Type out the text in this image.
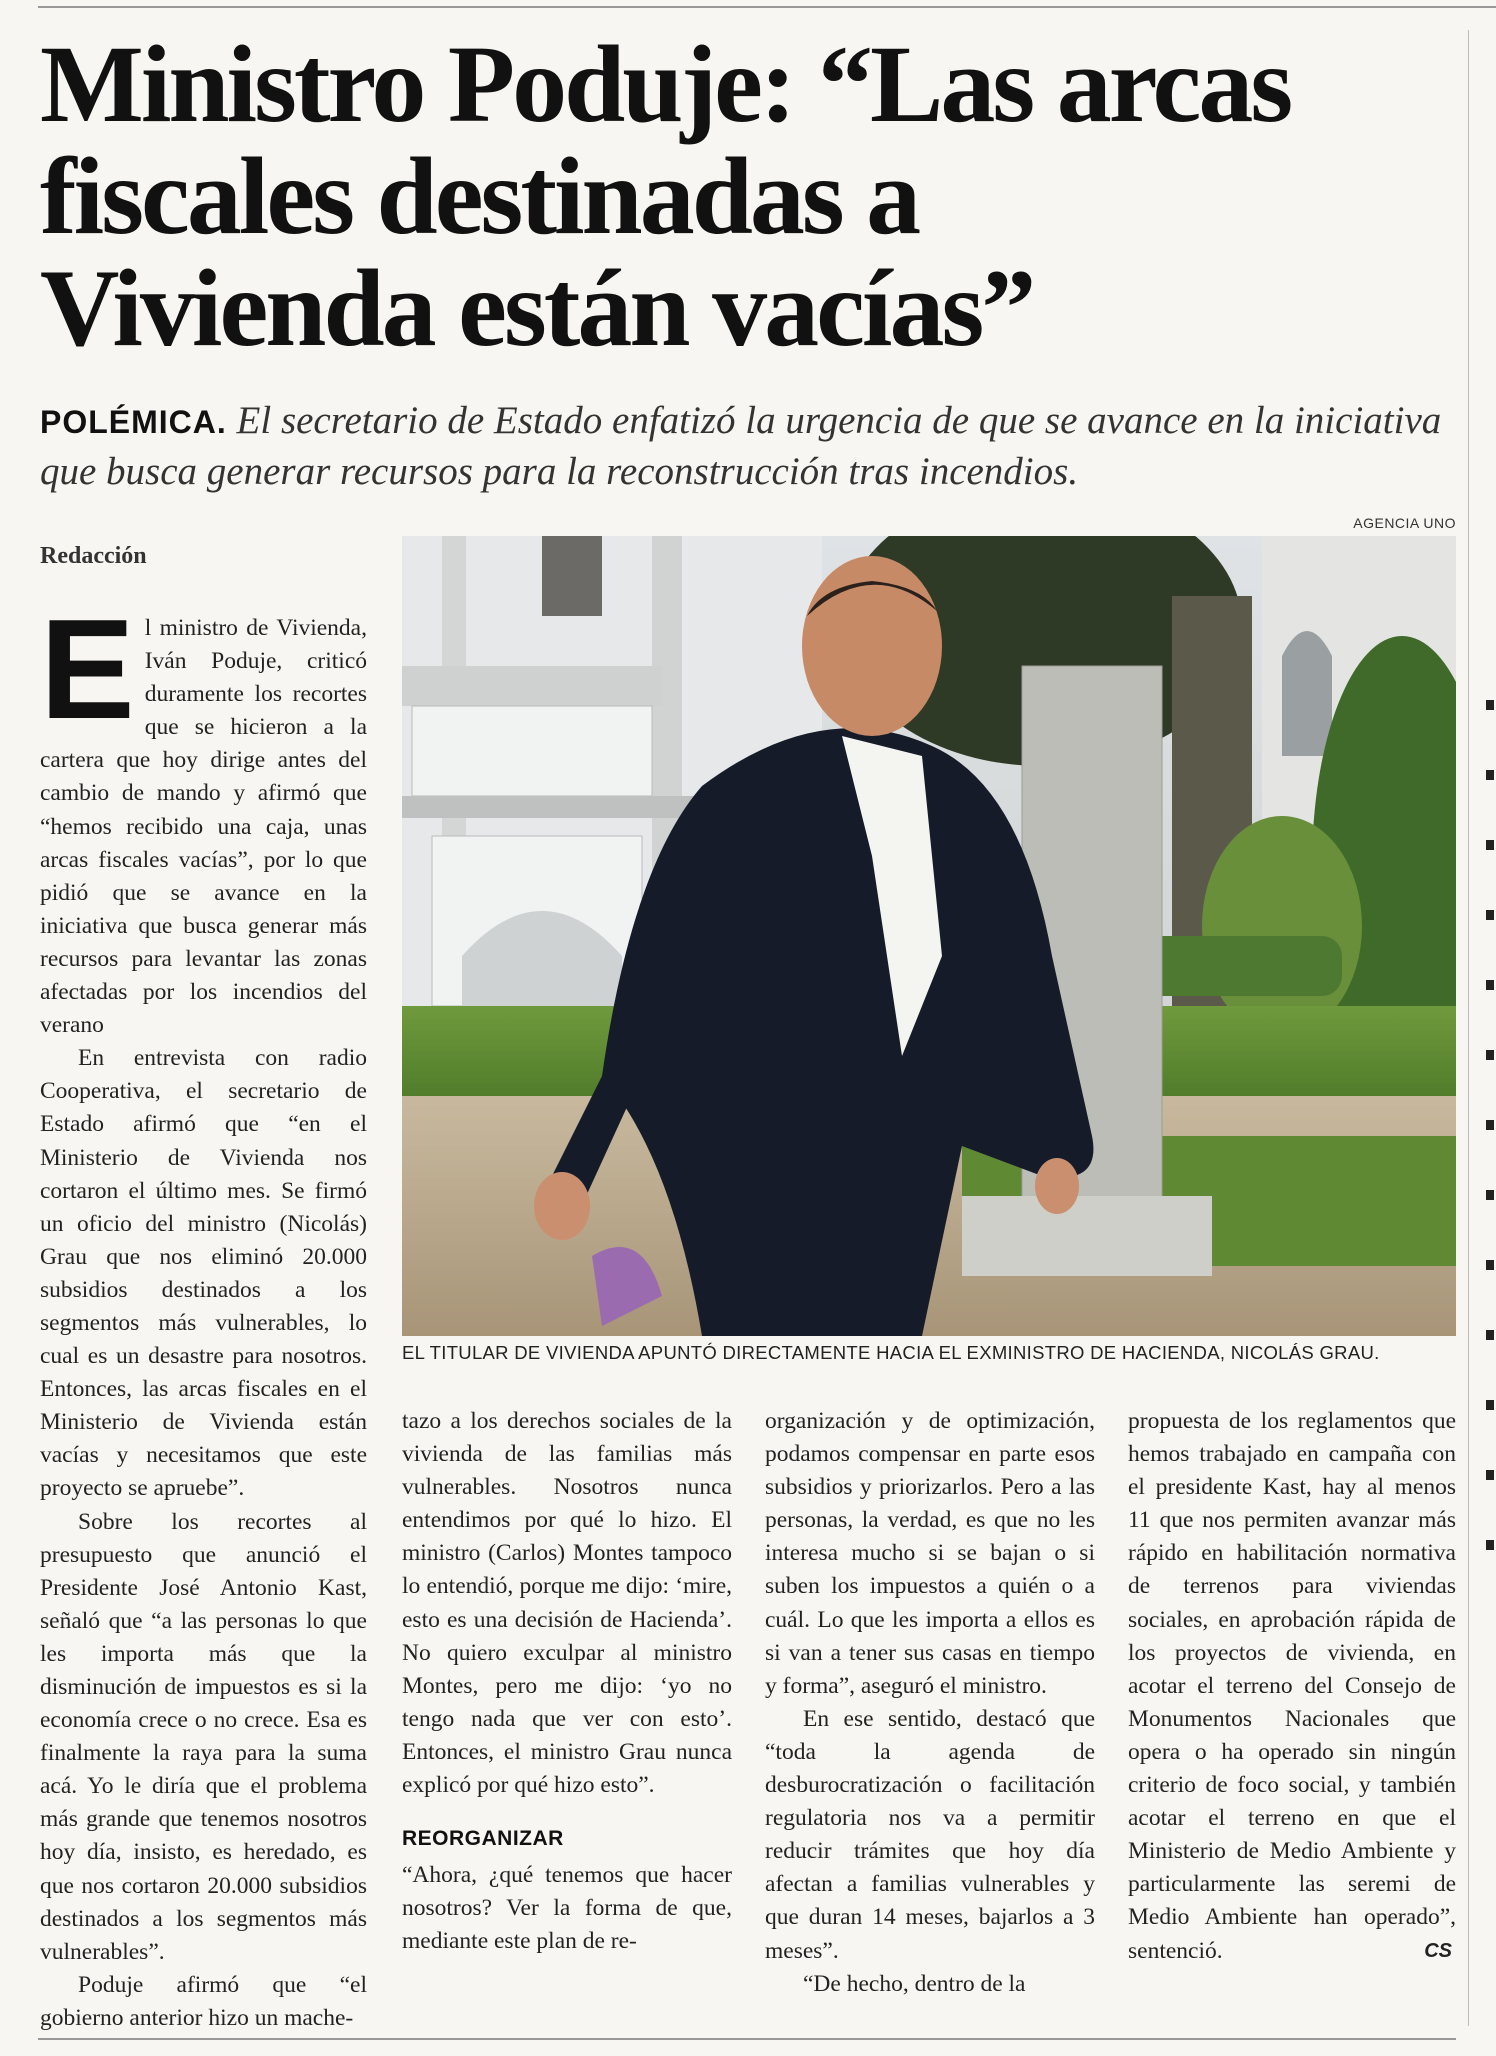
Ministro Poduje: “Las arcas
fiscales destinadas a
Vivienda están vacías”

POLÉMICA. El secretario de Estado enfatizó la urgencia de que se avance en la iniciativa que busca generar recursos para la reconstrucción tras incendios.

AGENCIA UNO
Redacción
EL TITULAR DE VIVIENDA APUNTÓ DIRECTAMENTE HACIA EL EXMINISTRO DE HACIENDA, NICOLÁS GRAU.

El ministro de Vivienda, Iván Poduje, criticó duramente los recortes que se hicieron a la cartera que hoy dirige antes del cambio de mando y afirmó que “hemos recibido una caja, unas arcas fiscales vacías”, por lo que pidió que se avance en la iniciativa que busca generar más recursos para levantar las zonas afectadas por los incendios del verano

En entrevista con radio Cooperativa, el secretario de Estado afirmó que “en el Ministerio de Vivienda nos cortaron el último mes. Se firmó un oficio del ministro (Nicolás) Grau que nos eliminó 20.000 subsidios destinados a los segmentos más vulnerables, lo cual es un desastre para nosotros. Entonces, las arcas fiscales en el Ministerio de Vivienda están vacías y necesitamos que este proyecto se apruebe”.

Sobre los recortes al presupuesto que anunció el Presidente José Antonio Kast, señaló que “a las personas lo que les importa más que la disminución de impuestos es si la economía crece o no crece. Esa es finalmente la raya para la suma acá. Yo le diría que el problema más grande que tenemos nosotros hoy día, insisto, es heredado, es que nos cortaron 20.000 subsidios destinados a los segmentos más vulnerables”.

Poduje afirmó que “el gobierno anterior hizo un mache-

tazo a los derechos sociales de la vivienda de las familias más vulnerables. Nosotros nunca entendimos por qué lo hizo. El ministro (Carlos) Montes tampoco lo entendió, porque me dijo: ‘mire, esto es una decisión de Hacienda’. No quiero exculpar al ministro Montes, pero me dijo: ‘yo no tengo nada que ver con esto’. Entonces, el ministro Grau nunca explicó por qué hizo esto”.

REORGANIZAR

“Ahora, ¿qué tenemos que hacer nosotros? Ver la forma de que, mediante este plan de re-

organización y de optimización, podamos compensar en parte esos subsidios y priorizarlos. Pero a las personas, la verdad, es que no les interesa mucho si se bajan o si suben los impuestos a quién o a cuál. Lo que les importa a ellos es si van a tener sus casas en tiempo y forma”, aseguró el ministro.

En ese sentido, destacó que “toda la agenda de desburocratización o facilitación regulatoria nos va a permitir reducir trámites que hoy día afectan a familias vulnerables y que duran 14 meses, bajarlos a 3 meses”.

“De hecho, dentro de la

propuesta de los reglamentos que hemos trabajado en campaña con el presidente Kast, hay al menos 11 que nos permiten avanzar más rápido en habilitación normativa de terrenos para viviendas sociales, en aprobación rápida de los proyectos de vivienda, en acotar el terreno del Consejo de Monumentos Nacionales que opera o ha operado sin ningún criterio de foco social, y también acotar el terreno en que el Ministerio de Medio Ambiente y particularmente las seremi de Medio Ambiente han operado”, sentenció.	CS
